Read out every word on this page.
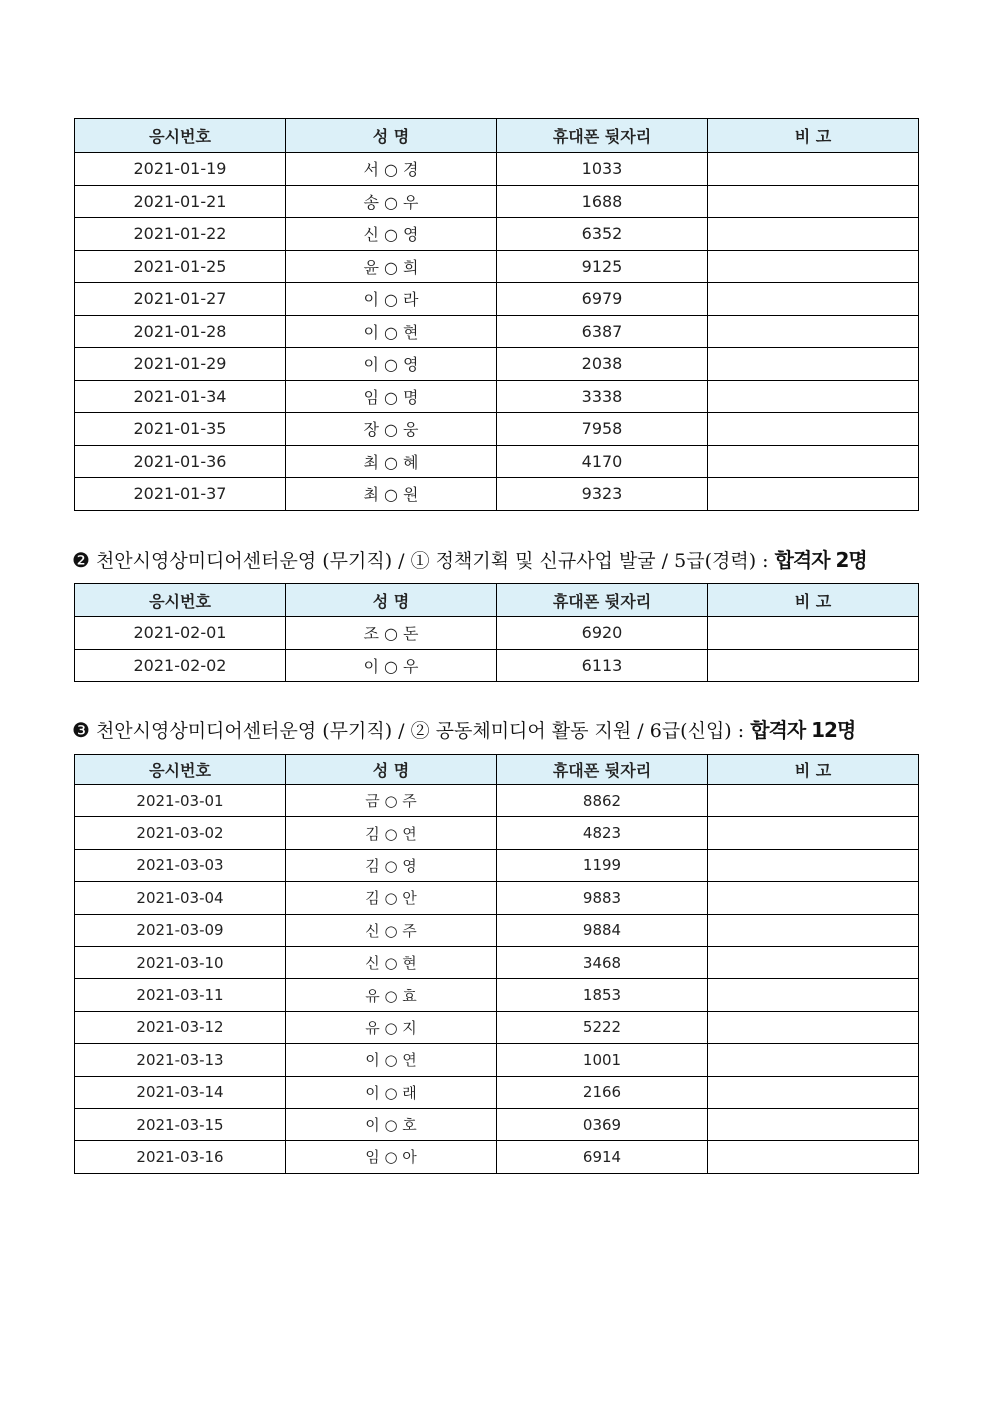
응시번호	성 명	휴대폰 뒷자리	비 고
2021-01-19	서 ○ 경	1033	
2021-01-21	송 ○ 우	1688	
2021-01-22	신 ○ 영	6352	
2021-01-25	윤 ○ 희	9125	
2021-01-27	이 ○ 라	6979	
2021-01-28	이 ○ 현	6387	
2021-01-29	이 ○ 영	2038	
2021-01-34	임 ○ 명	3338	
2021-01-35	장 ○ 웅	7958	
2021-01-36	최 ○ 혜	4170	
2021-01-37	최 ○ 원	9323	
❷ 천안시영상미디어센터운영 (무기직) / ① 정책기획 및 신규사업 발굴 / 5급(경력) : 합격자 2명
응시번호	성 명	휴대폰 뒷자리	비 고
2021-02-01	조 ○ 돈	6920	
2021-02-02	이 ○ 우	6113	
❸ 천안시영상미디어센터운영 (무기직) / ② 공동체미디어 활동 지원 / 6급(신입) : 합격자 12명
응시번호	성 명	휴대폰 뒷자리	비 고
2021-03-01	금 ○ 주	8862	
2021-03-02	김 ○ 연	4823	
2021-03-03	김 ○ 영	1199	
2021-03-04	김 ○ 안	9883	
2021-03-09	신 ○ 주	9884	
2021-03-10	신 ○ 현	3468	
2021-03-11	유 ○ 효	1853	
2021-03-12	유 ○ 지	5222	
2021-03-13	이 ○ 연	1001	
2021-03-14	이 ○ 래	2166	
2021-03-15	이 ○ 호	0369	
2021-03-16	임 ○ 아	6914	
